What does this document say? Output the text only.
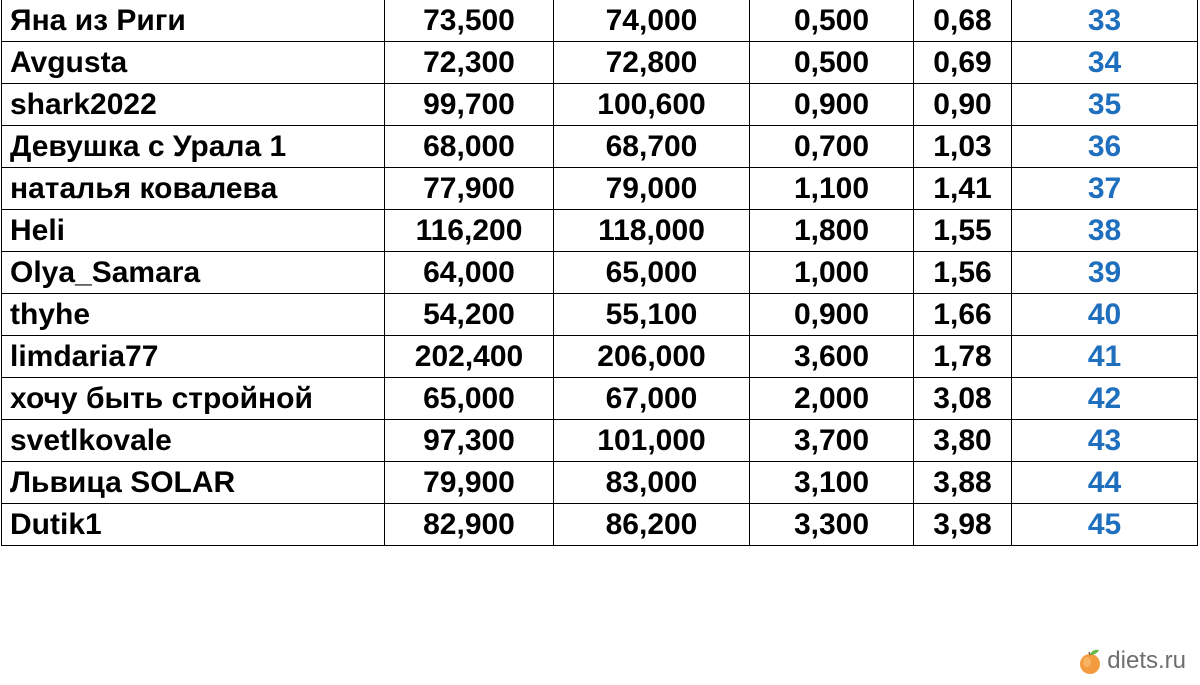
Яна из Риги	73,500	74,000	0,500	0,68	33
Avgusta	72,300	72,800	0,500	0,69	34
shark2022	99,700	100,600	0,900	0,90	35
Девушка с Урала 1	68,000	68,700	0,700	1,03	36
наталья ковалева	77,900	79,000	1,100	1,41	37
Heli	116,200	118,000	1,800	1,55	38
Olya_Samara	64,000	65,000	1,000	1,56	39
thyhe	54,200	55,100	0,900	1,66	40
limdaria77	202,400	206,000	3,600	1,78	41
хочу быть стройной	65,000	67,000	2,000	3,08	42
svetlkovale	97,300	101,000	3,700	3,80	43
Львица SOLAR	79,900	83,000	3,100	3,88	44
Dutik1	82,900	86,200	3,300	3,98	45
diets.ru
